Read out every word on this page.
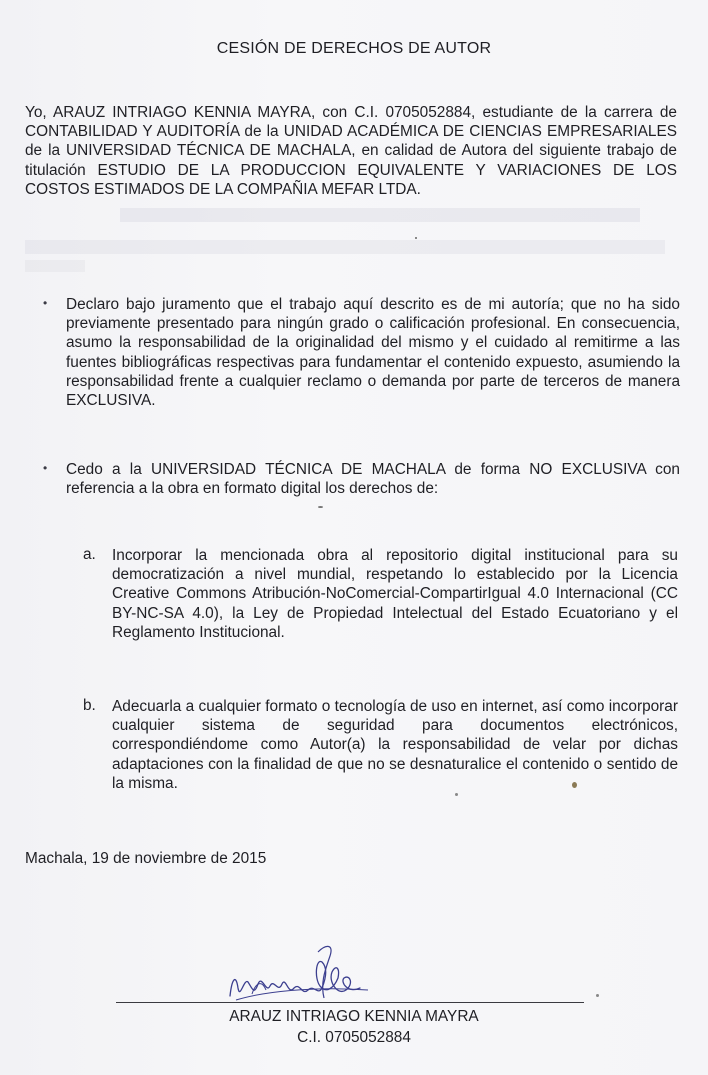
CESIÓN DE DERECHOS DE AUTOR
Yo, ARAUZ INTRIAGO KENNIA MAYRA, con C.I. 0705052884, estudiante de la carrera de CONTABILIDAD Y AUDITORÍA de la UNIDAD ACADÉMICA DE CIENCIAS EMPRESARIALES de la UNIVERSIDAD TÉCNICA DE MACHALA, en calidad de Autora del siguiente trabajo de titulación ESTUDIO DE LA PRODUCCION EQUIVALENTE Y VARIACIONES DE LOS COSTOS ESTIMADOS DE LA COMPAÑIA MEFAR LTDA.
• Declaro bajo juramento que el trabajo aquí descrito es de mi autoría; que no ha sido previamente presentado para ningún grado o calificación profesional. En consecuencia, asumo la responsabilidad de la originalidad del mismo y el cuidado al remitirme a las fuentes bibliográficas respectivas para fundamentar el contenido expuesto, asumiendo la responsabilidad frente a cualquier reclamo o demanda por parte de terceros de manera EXCLUSIVA.
• Cedo a la UNIVERSIDAD TÉCNICA DE MACHALA de forma NO EXCLUSIVA con referencia a la obra en formato digital los derechos de:
a. Incorporar la mencionada obra al repositorio digital institucional para su democratización a nivel mundial, respetando lo establecido por la Licencia Creative Commons Atribución-NoComercial-CompartirIgual 4.0 Internacional (CC BY-NC-SA 4.0), la Ley de Propiedad Intelectual del Estado Ecuatoriano y el Reglamento Institucional.
b. Adecuarla a cualquier formato o tecnología de uso en internet, así como incorporar cualquier sistema de seguridad para documentos electrónicos, correspondiéndome como Autor(a) la responsabilidad de velar por dichas adaptaciones con la finalidad de que no se desnaturalice el contenido o sentido de la misma.
Machala, 19 de noviembre de 2015
ARAUZ INTRIAGO KENNIA MAYRA
C.I. 0705052884
